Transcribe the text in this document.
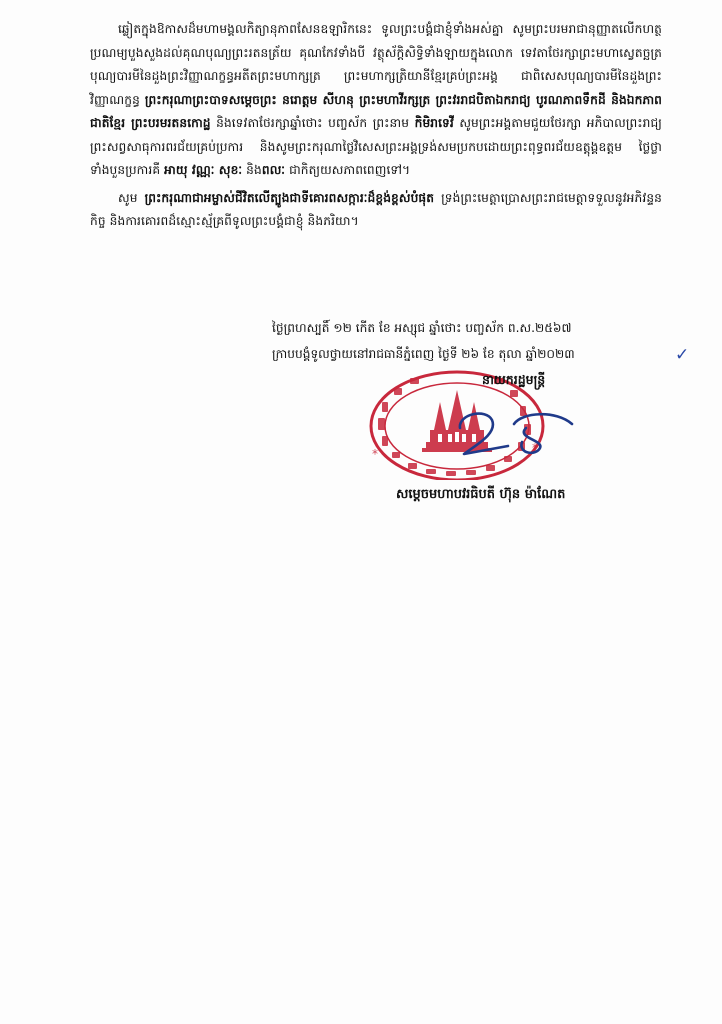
ឆ្លៀតក្នុងឱកាសដ៏មហាមង្គលកិត្យានុភាពសែនឧឡារិកនេះ ទូលព្រះបង្គំជាខ្ញុំទាំងអស់គ្នា សូមព្រះបរមរាជានុញ្ញាតលើកហត្ថប្រណម្យបួងសួងដល់គុណបុណ្យព្រះរតនត្រ័យ គុណកែវទាំងបី វត្ថុស័ក្តិសិទ្ធិទាំងឡាយក្នុងលោក ទេវតាថែរក្សាព្រះមហាស្វេតច្ឆត្រ បុណ្យបារមីនៃដួងព្រះវិញ្ញាណក្ខន្ធអតីតព្រះមហាក្សត្រ ព្រះមហាក្សត្រិយានីខ្មែរគ្រប់ព្រះអង្គ ជាពិសេសបុណ្យបារមីនៃដួងព្រះវិញ្ញាណក្ខន្ធ ព្រះករុណាព្រះបាទសម្តេចព្រះ នរោត្តម សីហនុ ព្រះមហាវីរក្សត្រ ព្រះវររាជបិតាឯករាជ្យ បូរណភាពទឹកដី និងឯកភាពជាតិខ្មែរ ព្រះបរមរតនកោដ្ឋ និងទេវតាថែរក្សាឆ្នាំថោះ បញ្ចស័ក ព្រះនាម កិមិរាទេវី សូមព្រះអង្គតាមជួយថែរក្សា អភិបាលព្រះរាជ្យព្រះសព្វសាធុការពរជ័យគ្រប់ប្រការ និងសូមព្រះករុណាថ្លៃវិសេសព្រះអង្គទ្រង់សមប្រកបដោយព្រះពុទ្ធពរជ័យឧត្តុង្គឧត្តម ថ្លៃថ្លាទាំងបួនប្រការគឺ អាយុ វណ្ណៈ សុខៈ និងពលៈ ជាកិត្យយសភាពពេញទៅ។

សូម ព្រះករុណាជាអម្ចាស់ជីវិតលើត្បូងជាទីគោរពសក្ការៈដ៏ខ្ពង់ខ្ពស់បំផុត ទ្រង់ព្រះមេត្តាប្រោសព្រះរាជមេត្តាទទួលនូវអភិវន្ទនកិច្ច និងការគោរពដ៏ស្មោះស្ម័គ្រពីទូលព្រះបង្គំជាខ្ញុំ និងភរិយា។

ថ្ងៃព្រហស្បតិ៍ ១២ កើត ខែ អស្សុជ ឆ្នាំថោះ បញ្ចស័ក ព.ស.២៥៦៧
ក្រាបបង្គំទូលថ្វាយនៅរាជធានីភ្នំពេញ ថ្ងៃទី ២៦ ខែ តុលា ឆ្នាំ២០២៣	✓
*	*
នាយករដ្ឋមន្ត្រី
សម្តេចមហាបវរធិបតី ហ៊ុន ម៉ាណែត
